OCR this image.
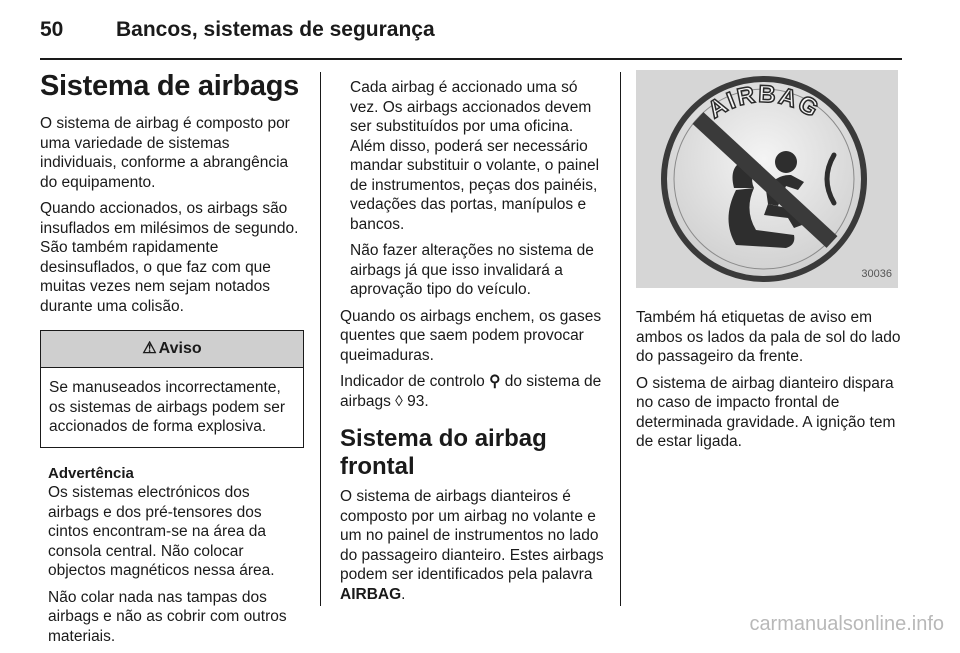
50	Bancos, sistemas de segurança
Sistema de airbags

O sistema de airbag é composto por uma variedade de sistemas individuais, conforme a abrangência do equipamento.

Quando accionados, os airbags são insuflados em milésimos de segundo. São também rapidamente desinsuflados, o que faz com que muitas vezes nem sejam notados durante uma colisão.

⚠ Aviso
Se manuseados incorrectamente, os sistemas de airbags podem ser accionados de forma explosiva.
Advertência

Os sistemas electrónicos dos airbags e dos pré-tensores dos cintos encontram-se na área da consola central. Não colocar objectos magnéticos nessa área.

Não colar nada nas tampas dos airbags e não as cobrir com outros materiais.

Cada airbag é accionado uma só vez. Os airbags accionados devem ser substituídos por uma oficina. Além disso, poderá ser necessário mandar substituir o volante, o painel de instrumentos, peças dos painéis, vedações das portas, manípulos e bancos.

Não fazer alterações no sistema de airbags já que isso invalidará a aprovação tipo do veículo.

Quando os airbags enchem, os gases quentes que saem podem provocar queimaduras.

Indicador de controlo ⚲ do sistema de airbags ◊ 93.

Sistema do airbag frontal

O sistema de airbags dianteiros é composto por um airbag no volante e um no painel de instrumentos no lado do passageiro dianteiro. Estes airbags podem ser identificados pela palavra AIRBAG.

AIRBAG
30036

Também há etiquetas de aviso em ambos os lados da pala de sol do lado do passageiro da frente.

O sistema de airbag dianteiro dispara no caso de impacto frontal de determinada gravidade. A ignição tem de estar ligada.

carmanualsonline.info
